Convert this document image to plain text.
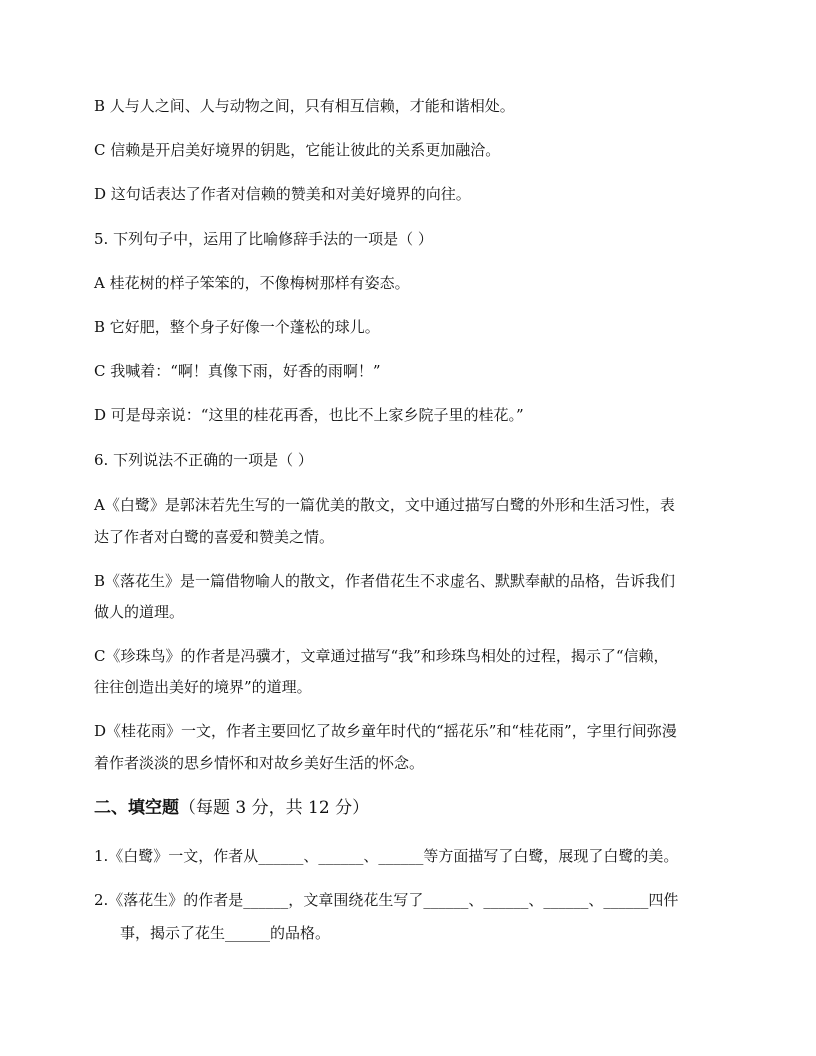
B 人与人之间、人与动物之间，只有相互信赖，才能和谐相处。
C 信赖是开启美好境界的钥匙，它能让彼此的关系更加融洽。
D 这句话表达了作者对信赖的赞美和对美好境界的向往。
5. 下列句子中，运用了比喻修辞手法的一项是（ ）
A 桂花树的样子笨笨的，不像梅树那样有姿态。
B 它好肥，整个身子好像一个蓬松的球儿。
C 我喊着：“啊！真像下雨，好香的雨啊！”
D 可是母亲说：“这里的桂花再香，也比不上家乡院子里的桂花。”
6. 下列说法不正确的一项是（ ）
A《白鹭》是郭沫若先生写的一篇优美的散文，文中通过描写白鹭的外形和生活习性，表
达了作者对白鹭的喜爱和赞美之情。
B《落花生》是一篇借物喻人的散文，作者借花生不求虚名、默默奉献的品格，告诉我们
做人的道理。
C《珍珠鸟》的作者是冯骥才，文章通过描写“我”和珍珠鸟相处的过程，揭示了“信赖，
往往创造出美好的境界”的道理。
D《桂花雨》一文，作者主要回忆了故乡童年时代的“摇花乐”和“桂花雨”，字里行间弥漫
着作者淡淡的思乡情怀和对故乡美好生活的怀念。
二、填空题（每题 3 分，共 12 分）
1.《白鹭》一文，作者从______、______、______等方面描写了白鹭，展现了白鹭的美。
2.《落花生》的作者是______，文章围绕花生写了______、______、______、______四件
事，揭示了花生______的品格。
